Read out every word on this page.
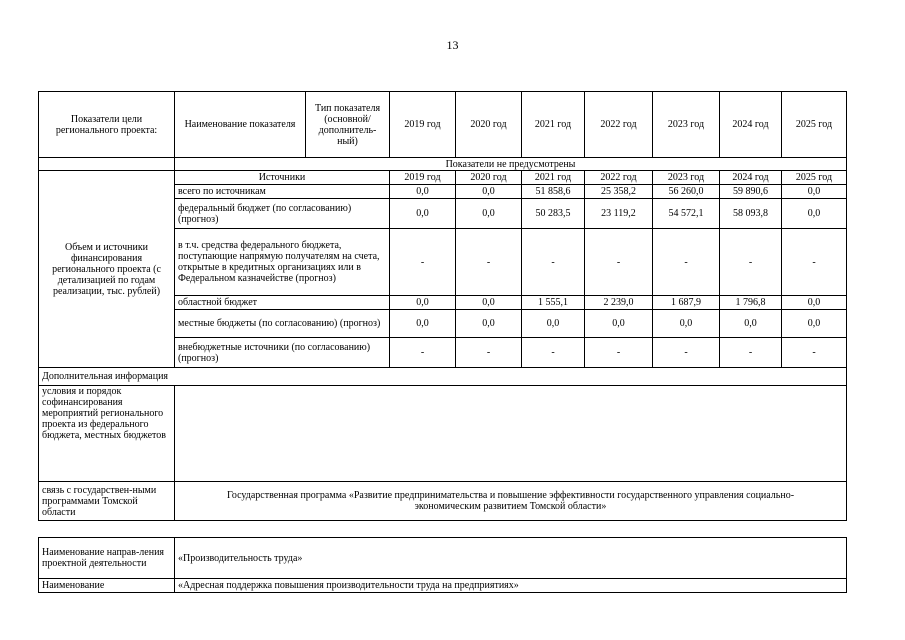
13
Показатели цели регионального проекта:	Наименование показателя	Тип показателя (основной/ дополнитель-ный)	2019 год	2020 год	2021 год	2022 год	2023 год	2024 год	2025 год
	Показатели не предусмотрены								
Объем и источники финансирования регионального проекта (с детализацией по годам реализации, тыс. рублей)	Источники		2019 год	2020 год	2021 год	2022 год	2023 год	2024 год	2025 год
	всего по источникам		0,0	0,0	51 858,6	25 358,2	56 260,0	59 890,6	0,0
	федеральный бюджет (по согласованию) (прогноз)		0,0	0,0	50 283,5	23 119,2	54 572,1	58 093,8	0,0
	в т.ч. средства федерального бюджета, поступающие напрямую получателям на счета, открытые в кредитных организациях или в Федеральном казначействе (прогноз)		-	-	-	-	-	-	-
	областной бюджет		0,0	0,0	1 555,1	2 239,0	1 687,9	1 796,8	0,0
	местные бюджеты (по согласованию) (прогноз)		0,0	0,0	0,0	0,0	0,0	0,0	0,0
	внебюджетные источники (по согласованию) (прогноз)		-	-	-	-	-	-	-
Дополнительная информация									
условия и порядок софинансирования мероприятий регионального проекта из федерального бюджета, местных бюджетов									
связь с государствен-ными программами Томской области	Государственная программа «Развитие предпринимательства и повышение эффективности государственного управления социально-экономическим развитием Томской области»								
Наименование направ-ления проектной деятельности	«Производительность труда»
Наименование	«Адресная поддержка повышения производительности труда на предприятиях»
